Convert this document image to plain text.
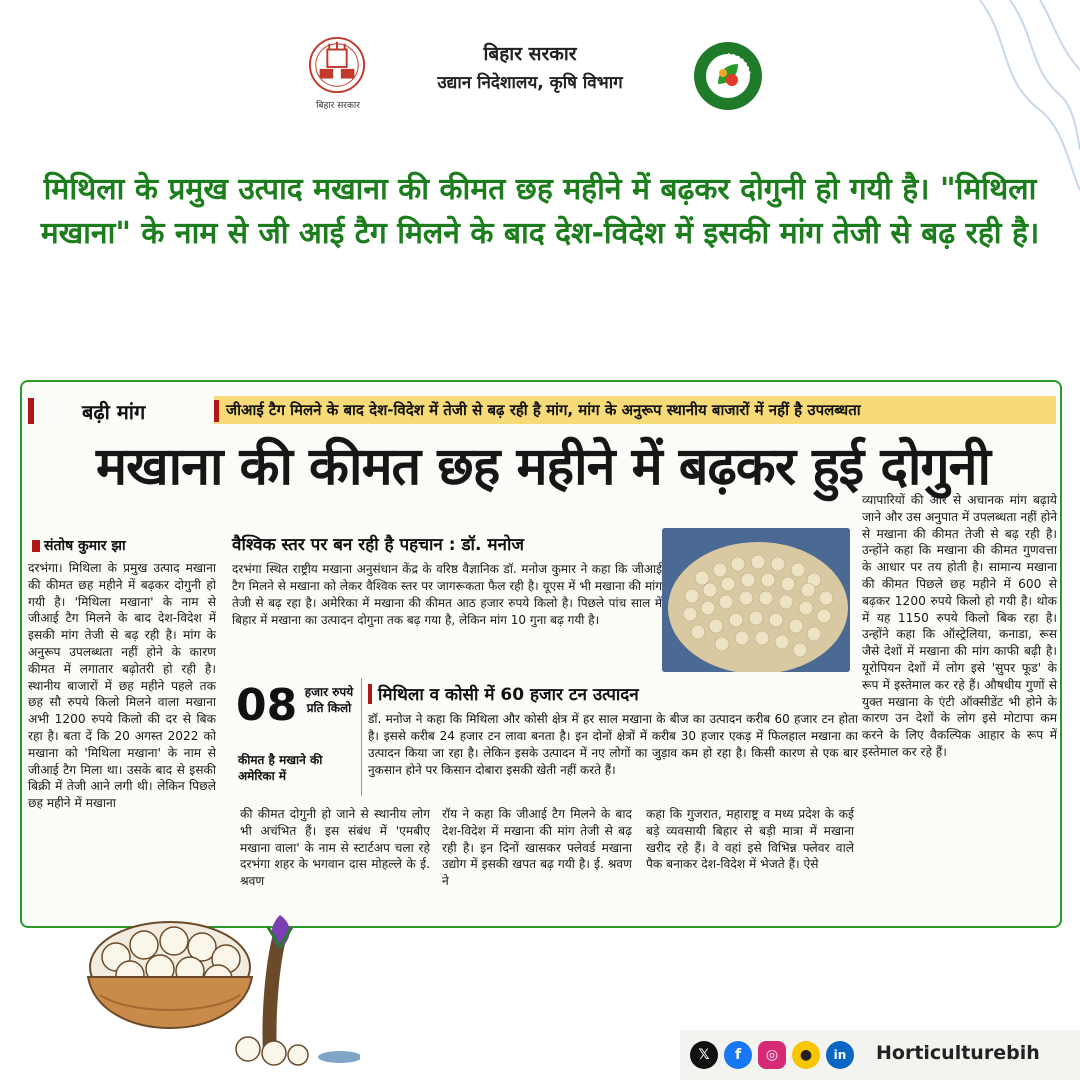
बिहार सरकार
बिहार सरकार
उद्यान निदेशालय, कृषि विभाग
मिथिला के प्रमुख उत्पाद मखाना की कीमत छह महीने में बढ़कर दोगुनी हो गयी है। "मिथिला मखाना" के नाम से जी आई टैग मिलने के बाद देश-विदेश में इसकी मांग तेजी से बढ़ रही है।
बढ़ी मांग	जीआई टैग मिलने के बाद देश-विदेश में तेजी से बढ़ रही है मांग, मांग के अनुरूप स्थानीय बाजारों में नहीं है उपलब्धता
मखाना की कीमत छह महीने में बढ़कर हुई दोगुनी
संतोष कुमार झा
दरभंगा। मिथिला के प्रमुख उत्पाद मखाना की कीमत छह महीने में बढ़कर दोगुनी हो गयी है। 'मिथिला मखाना' के नाम से जीआई टैग मिलने के बाद देश-विदेश में इसकी मांग तेजी से बढ़ रही है। मांग के अनुरूप उपलब्धता नहीं होने के कारण कीमत में लगातार बढ़ोतरी हो रही है। स्थानीय बाजारों में छह महीने पहले तक छह सौ रुपये किलो मिलने वाला मखाना अभी 1200 रुपये किलो की दर से बिक रहा है। बता दें कि 20 अगस्त 2022 को मखाना को 'मिथिला मखाना' के नाम से जीआई टैग मिला था। उसके बाद से इसकी बिक्री में तेजी आने लगी थी। लेकिन पिछले छह महीने में मखाना
वैश्विक स्तर पर बन रही है पहचान : डॉ. मनोज
दरभंगा स्थित राष्ट्रीय मखाना अनुसंधान केंद्र के वरिष्ठ वैज्ञानिक डॉ. मनोज कुमार ने कहा कि जीआई टैग मिलने से मखाना को लेकर वैश्विक स्तर पर जागरूकता फैल रही है। यूएस में भी मखाना की मांग तेजी से बढ़ रहा है। अमेरिका में मखाना की कीमत आठ हजार रुपये किलो है। पिछले पांच साल में बिहार में मखाना का उत्पादन दोगुना तक बढ़ गया है, लेकिन मांग 10 गुना बढ़ गयी है।
व्यापारियों की ओर से अचानक मांग बढ़ाये जाने और उस अनुपात में उपलब्धता नहीं होने से मखाना की कीमत तेजी से बढ़ रही है। उन्होंने कहा कि मखाना की कीमत गुणवत्ता के आधार पर तय होती है। सामान्य मखाना की कीमत पिछले छह महीने में 600 से बढ़कर 1200 रुपये किलो हो गयी है। थोक में यह 1150 रुपये किलो बिक रहा है। उन्होंने कहा कि ऑस्ट्रेलिया, कनाडा, रूस जैसे देशों में मखाना की मांग काफी बढ़ी है। यूरोपियन देशों में लोग इसे 'सुपर फूड' के रूप में इस्तेमाल कर रहे हैं। औषधीय गुणों से युक्त मखाना के एंटी ऑक्सीडेंट भी होने के कारण उन देशों के लोग इसे मोटापा कम करने के लिए वैकल्पिक आहार के रूप में इस्तेमाल कर रहे हैं।
08 हजार रुपये प्रति किलो
कीमत है मखाने की अमेरिका में
मिथिला व कोसी में 60 हजार टन उत्पादन
डॉ. मनोज ने कहा कि मिथिला और कोसी क्षेत्र में हर साल मखाना के बीज का उत्पादन करीब 60 हजार टन होता है। इससे करीब 24 हजार टन लावा बनता है। इन दोनों क्षेत्रों में करीब 30 हजार एकड़ में फिलहाल मखाना का उत्पादन किया जा रहा है। लेकिन इसके उत्पादन में नए लोगों का जुड़ाव कम हो रहा है। किसी कारण से एक बार नुकसान होने पर किसान दोबारा इसकी खेती नहीं करते हैं।
की कीमत दोगुनी हो जाने से स्थानीय लोग भी अचंभित हैं। इस संबंध में 'एमबीए मखाना वाला' के नाम से स्टार्टअप चला रहे दरभंगा शहर के भगवान दास मोहल्ले के ई. श्रवण
रॉय ने कहा कि जीआई टैग मिलने के बाद देश-विदेश में मखाना की मांग तेजी से बढ़ रही है। इन दिनों खासकर फ्लेवर्ड मखाना उद्योग में इसकी खपत बढ़ गयी है। ई. श्रवण ने
कहा कि गुजरात, महाराष्ट्र व मध्य प्रदेश के कई बड़े व्यवसायी बिहार से बड़ी मात्रा में मखाना खरीद रहे हैं। वे वहां इसे विभिन्न फ्लेवर वाले पैक बनाकर देश-विदेश में भेजते हैं। ऐसे
𝕏	f	◎	●	in	Horticulturebih
